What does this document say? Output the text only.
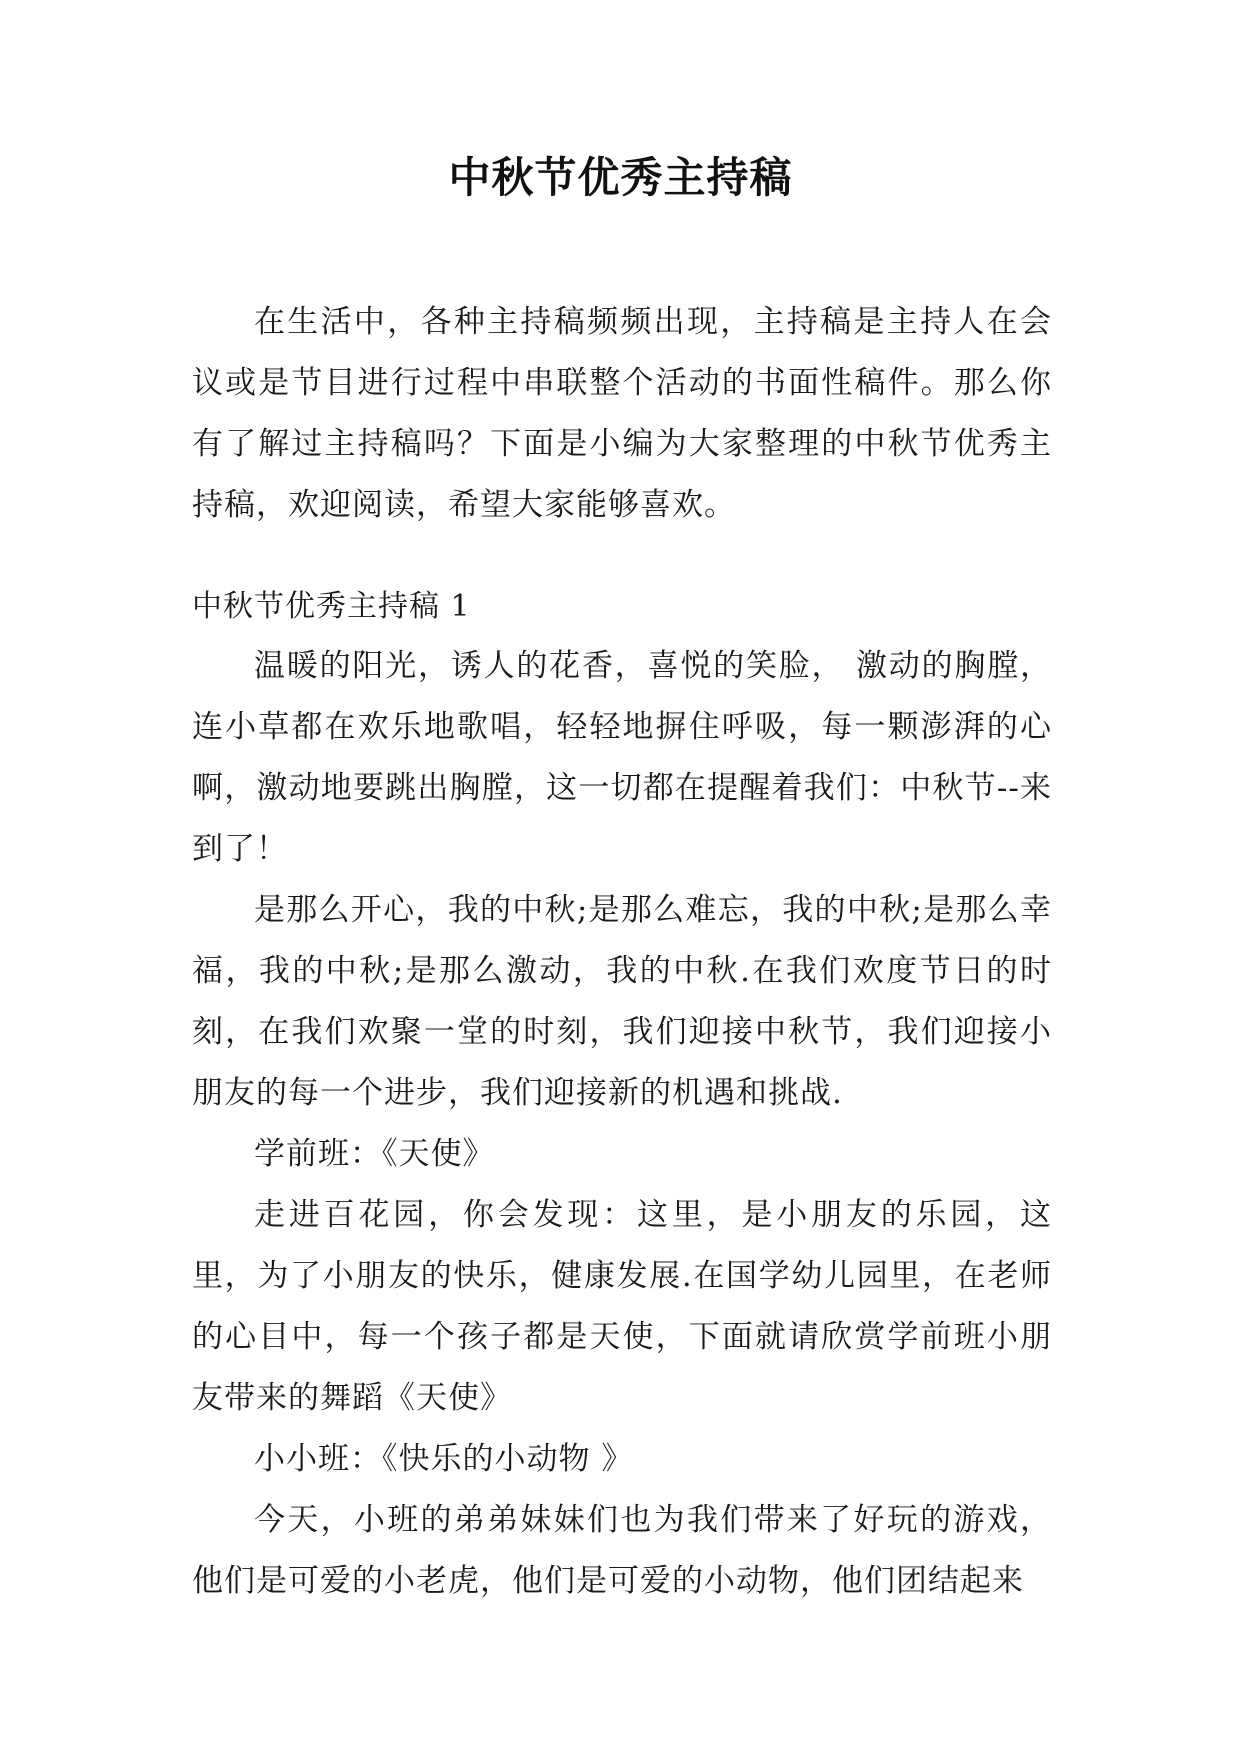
中秋节优秀主持稿

在生活中，各种主持稿频频出现，主持稿是主持人在会议或是节目进行过程中串联整个活动的书面性稿件。那么你有了解过主持稿吗？下面是小编为大家整理的中秋节优秀主持稿，欢迎阅读，希望大家能够喜欢。

中秋节优秀主持稿 1

温暖的阳光，诱人的花香，喜悦的笑脸， 激动的胸膛，连小草都在欢乐地歌唱，轻轻地摒住呼吸，每一颗澎湃的心啊，激动地要跳出胸膛，这一切都在提醒着我们：中秋节--来到了！

是那么开心，我的中秋;是那么难忘，我的中秋;是那么幸福，我的中秋;是那么激动，我的中秋.在我们欢度节日的时刻，在我们欢聚一堂的时刻，我们迎接中秋节，我们迎接小朋友的每一个进步，我们迎接新的机遇和挑战.

学前班：《天使》

走进百花园，你会发现：这里，是小朋友的乐园，这里，为了小朋友的快乐，健康发展.在国学幼儿园里，在老师的心目中，每一个孩子都是天使，下面就请欣赏学前班小朋友带来的舞蹈《天使》

小小班：《快乐的小动物 》

今天，小班的弟弟妹妹们也为我们带来了好玩的游戏，他们是可爱的小老虎，他们是可爱的小动物，他们团结起来
